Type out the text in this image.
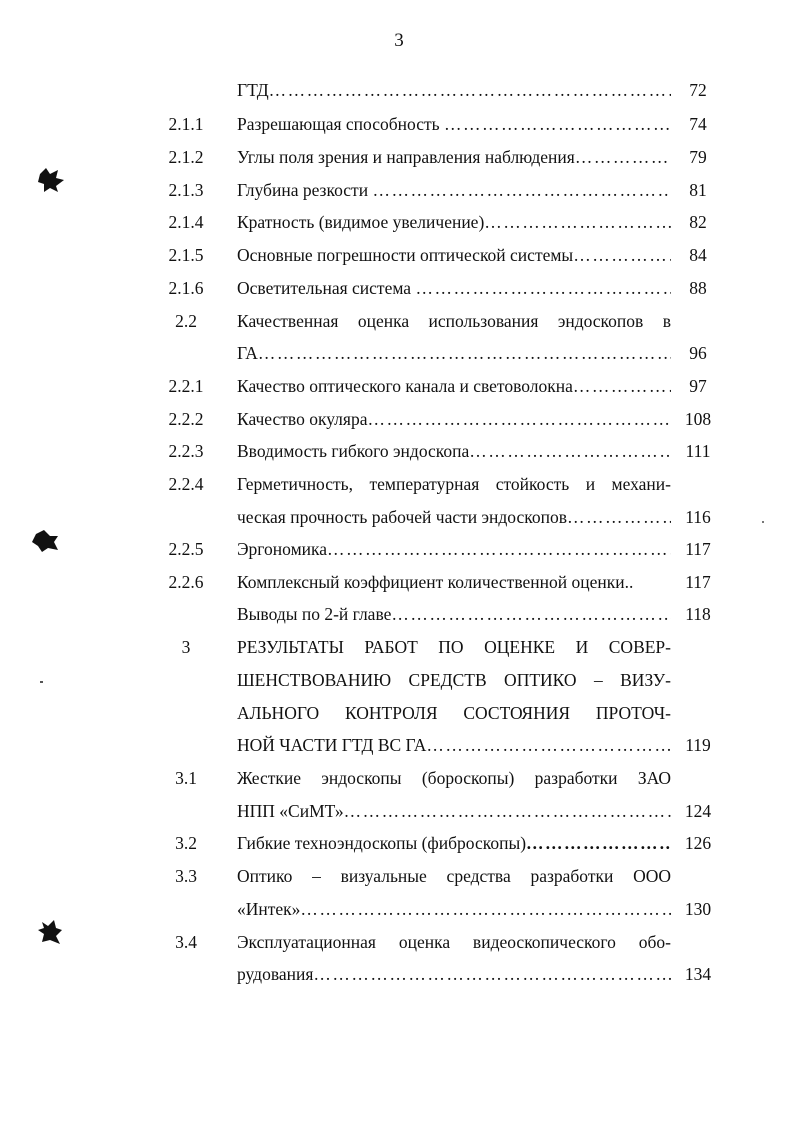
3
ГТД ……………………………………………………………………………………………………………………	72
2.1.1	Разрешающая способность ……………………………………………………………………………………………………………………	74
2.1.2	Углы поля зрения и направления наблюдения ……………………………………………………………………………………………………………………	79
2.1.3	Глубина резкости ……………………………………………………………………………………………………………………	81
2.1.4	Кратность (видимое увеличение) ……………………………………………………………………………………………………………………	82
2.1.5	Основные погрешности оптической системы ……………………………………………………………………………………………………………………	84
2.1.6	Осветительная система ……………………………………………………………………………………………………………………	88
2.2	Качественная оценка использования эндоскопов в
ГА ……………………………………………………………………………………………………………………	96
2.2.1	Качество оптического канала и световолокна ……………………………………………………………………………………………………………………	97
2.2.2	Качество окуляра ……………………………………………………………………………………………………………………	108
2.2.3	Вводимость гибкого эндоскопа ……………………………………………………………………………………………………………………	111
2.2.4	Герметичность, температурная стойкость и механи-
ческая прочность рабочей части эндоскопов ……………………………………………………………………………………………………………………	116
2.2.5	Эргономика ……………………………………………………………………………………………………………………	117
2.2.6	Комплексный коэффициент количественной оценки..	117
Выводы по 2-й главе ……………………………………………………………………………………………………………………	118
3	РЕЗУЛЬТАТЫ РАБОТ ПО ОЦЕНКЕ И СОВЕР-
ШЕНСТВОВАНИЮ СРЕДСТВ ОПТИКО – ВИЗУ-
АЛЬНОГО КОНТРОЛЯ СОСТОЯНИЯ ПРОТОЧ-
НОЙ ЧАСТИ ГТД ВС ГА ……………………………………………………………………………………………………………………	119
3.1	Жесткие эндоскопы (бороскопы) разработки ЗАО
НПП «СиМТ» ……………………………………………………………………………………………………………………	124
3.2	Гибкие техноэндоскопы (фиброскопы) ……………………………………………………………………………………………………………………	126
3.3	Оптико – визуальные средства разработки ООО
«Интек» ……………………………………………………………………………………………………………………	130
3.4	Эксплуатационная оценка видеоскопического обо-
рудования ……………………………………………………………………………………………………………………	134
